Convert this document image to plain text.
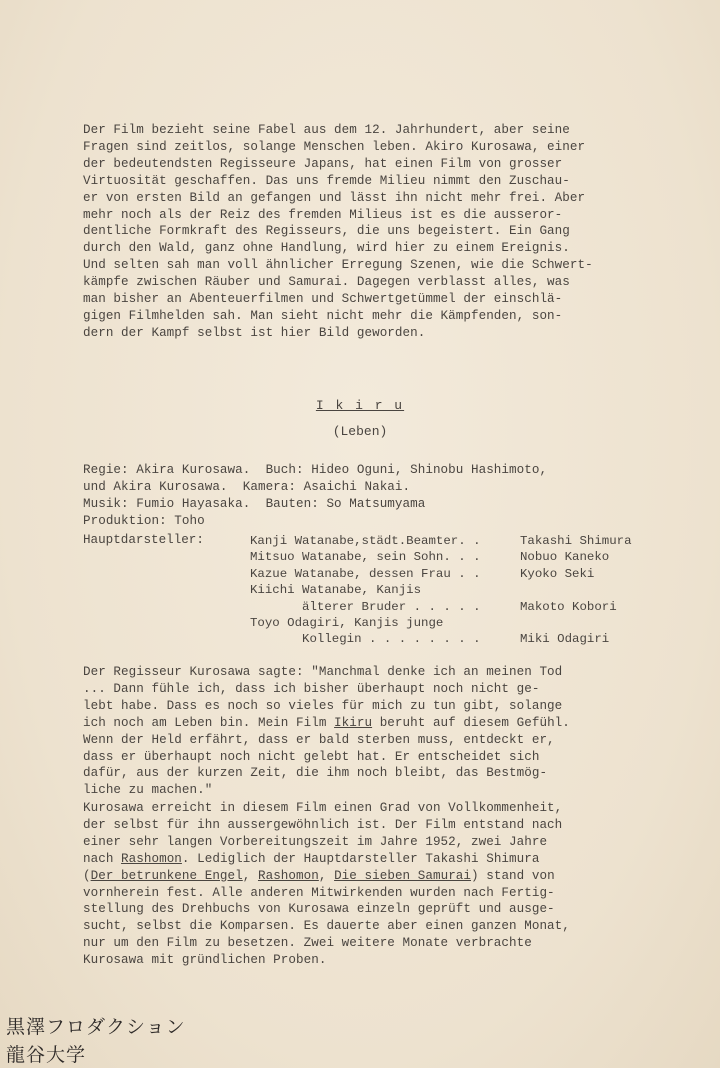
Der Film bezieht seine Fabel aus dem 12. Jahrhundert, aber seine
Fragen sind zeitlos, solange Menschen leben. Akiro Kurosawa, einer
der bedeutendsten Regisseure Japans, hat einen Film von grosser
Virtuosität geschaffen. Das uns fremde Milieu nimmt den Zuschau-
er von ersten Bild an gefangen und lässt ihn nicht mehr frei. Aber
mehr noch als der Reiz des fremden Milieus ist es die ausseror-
dentliche Formkraft des Regisseurs, die uns begeistert. Ein Gang
durch den Wald, ganz ohne Handlung, wird hier zu einem Ereignis.
Und selten sah man voll ähnlicher Erregung Szenen, wie die Schwert-
kämpfe zwischen Räuber und Samurai. Dagegen verblasst alles, was
man bisher an Abenteuerfilmen und Schwertgetümmel der einschlä-
gigen Filmhelden sah. Man sieht nicht mehr die Kämpfenden, son-
dern der Kampf selbst ist hier Bild geworden.
I k i r u
(Leben)
Regie: Akira Kurosawa.  Buch: Hideo Oguni, Shinobu Hashimoto,
und Akira Kurosawa.  Kamera: Asaichi Nakai.
Musik: Fumio Hayasaka.  Bauten: So Matsumyama
Produktion: Toho
Hauptdarsteller:	Kanji Watanabe,städt.Beamter. .	Takashi Shimura
Mitsuo Watanabe, sein Sohn. . .	Nobuo Kaneko
Kazue Watanabe, dessen Frau . .	Kyoko Seki
Kiichi Watanabe, Kanjis
älterer Bruder . . . . .	Makoto Kobori
Toyo Odagiri, Kanjis junge
Kollegin . . . . . . . .	Miki Odagiri
Der Regisseur Kurosawa sagte: "Manchmal denke ich an meinen Tod
... Dann fühle ich, dass ich bisher überhaupt noch nicht ge-
lebt habe. Dass es noch so vieles für mich zu tun gibt, solange
ich noch am Leben bin. Mein Film Ikiru beruht auf diesem Gefühl.
Wenn der Held erfährt, dass er bald sterben muss, entdeckt er,
dass er überhaupt noch nicht gelebt hat. Er entscheidet sich
dafür, aus der kurzen Zeit, die ihm noch bleibt, das Bestmög-
liche zu machen."
Kurosawa erreicht in diesem Film einen Grad von Vollkommenheit,
der selbst für ihn aussergewöhnlich ist. Der Film entstand nach
einer sehr langen Vorbereitungszeit im Jahre 1952, zwei Jahre
nach Rashomon. Lediglich der Hauptdarsteller Takashi Shimura
(Der betrunkene Engel, Rashomon, Die sieben Samurai) stand von
vornherein fest. Alle anderen Mitwirkenden wurden nach Fertig-
stellung des Drehbuchs von Kurosawa einzeln geprüft und ausge-
sucht, selbst die Komparsen. Es dauerte aber einen ganzen Monat,
nur um den Film zu besetzen. Zwei weitere Monate verbrachte
Kurosawa mit gründlichen Proben.
黒澤フロダクション
龍谷大学
